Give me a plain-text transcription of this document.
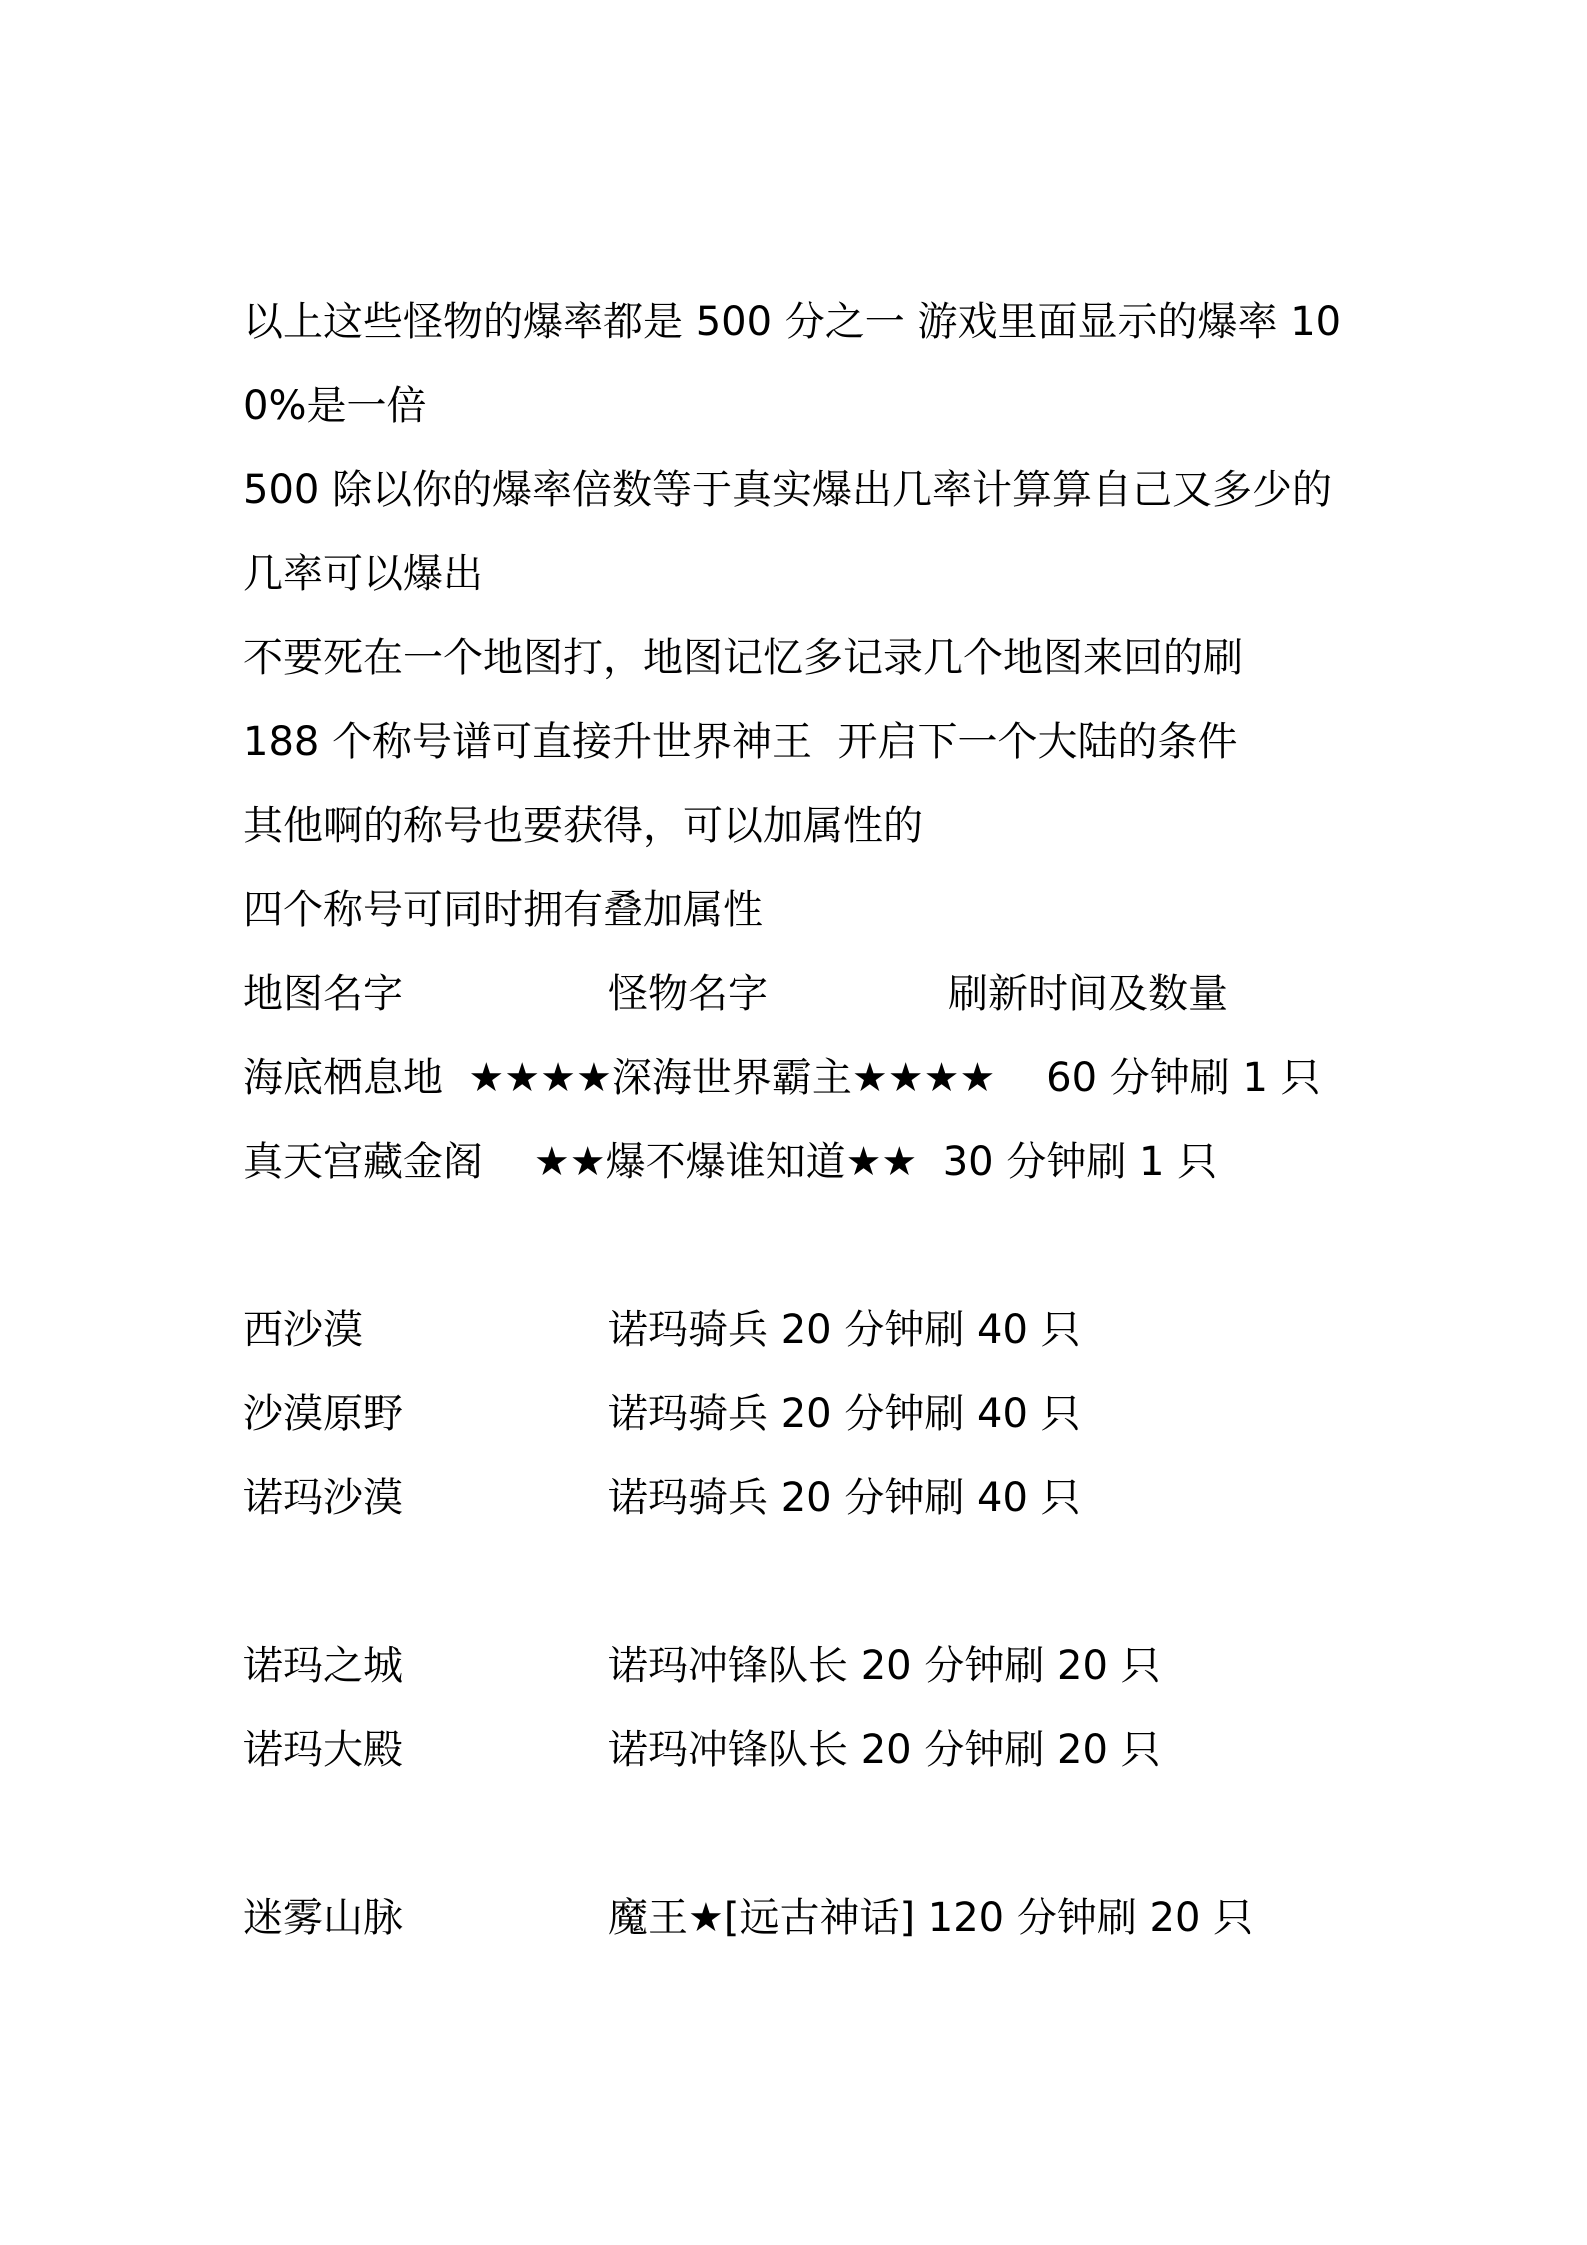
以上这些怪物的爆率都是 500 分之一 游戏里面显示的爆率 100%是一倍
500 除以你的爆率倍数等于真实爆出几率计算算自己又多少的几率可以爆出
不要死在一个地图打，地图记忆多记录几个地图来回的刷
188 个称号谱可直接升世界神王  开启下一个大陆的条件
其他啊的称号也要获得，可以加属性的
四个称号可同时拥有叠加属性
地图名字	怪物名字	刷新时间及数量
海底栖息地  ★★★★深海世界霸主★★★★    60 分钟刷 1 只
真天宫藏金阁    ★★爆不爆谁知道★★  30 分钟刷 1 只
西沙漠	诺玛骑兵 20 分钟刷 40 只
沙漠原野	诺玛骑兵 20 分钟刷 40 只
诺玛沙漠	诺玛骑兵 20 分钟刷 40 只
诺玛之城	诺玛冲锋队长 20 分钟刷 20 只
诺玛大殿	诺玛冲锋队长 20 分钟刷 20 只
迷雾山脉	魔王★[远古神话] 120 分钟刷 20 只
